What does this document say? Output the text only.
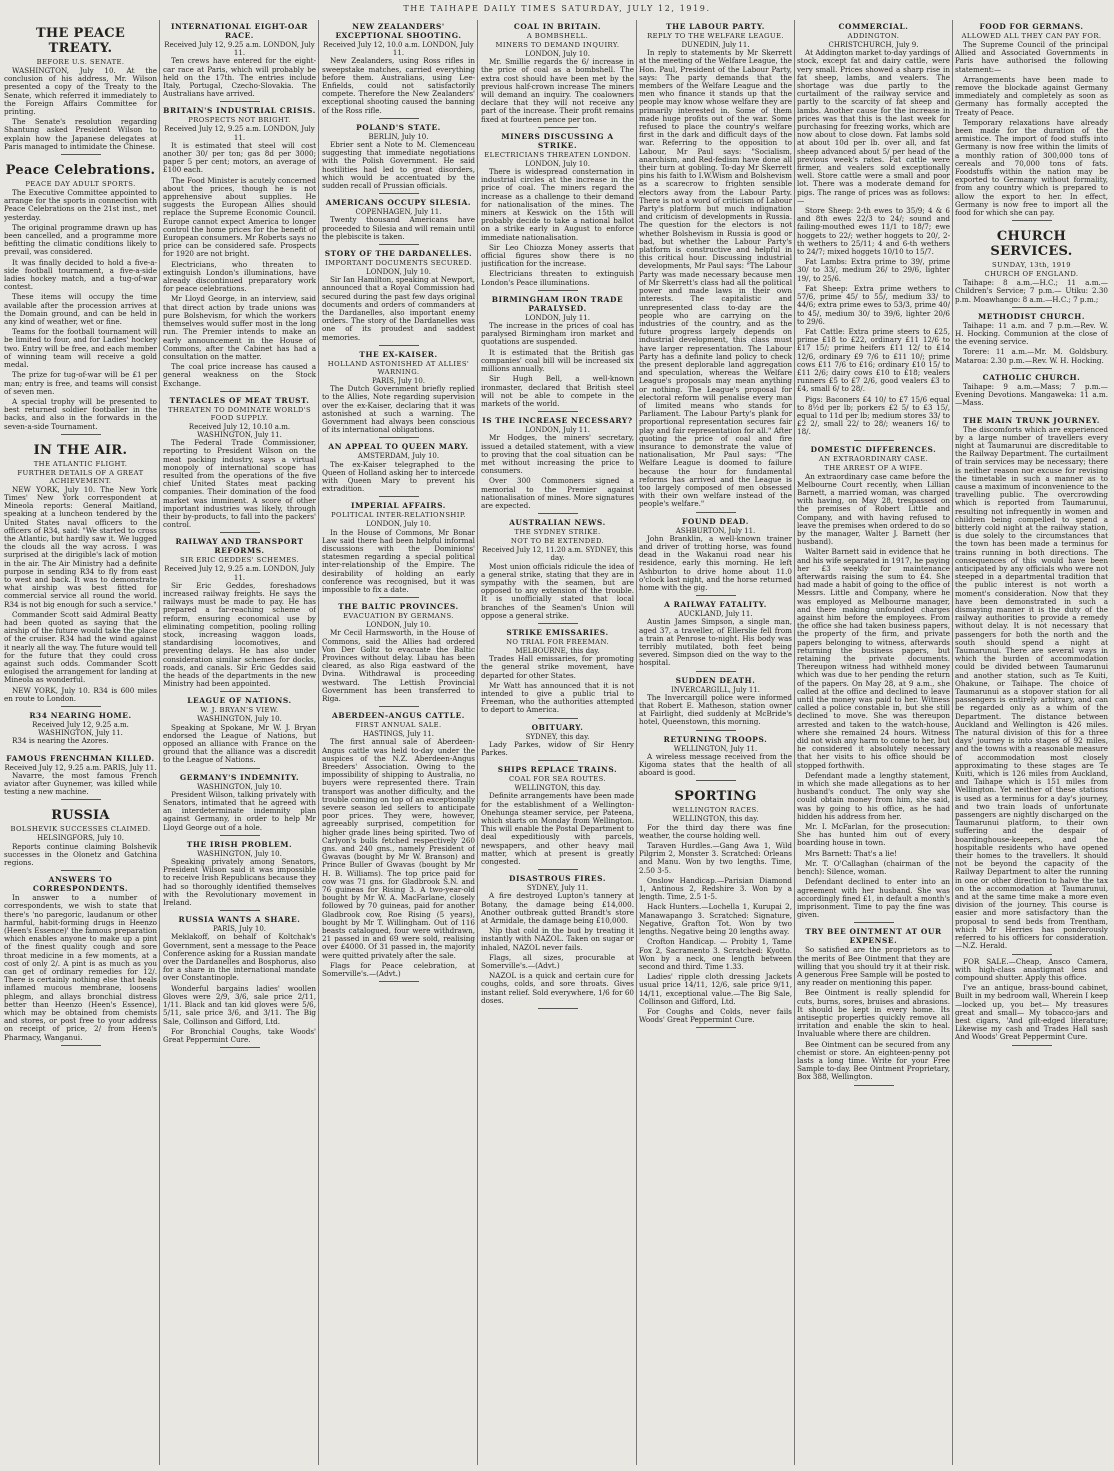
THE TAIHAPE DAILY TIMES SATURDAY, JULY 12, 1919.
THE PEACE TREATY.
BEFORE U.S. SENATE.

WASHINGTON, July 10. At the conclusion of his address, Mr. Wilson presented a copy of the Treaty to the Senate, which referred it immediately to the Foreign Affairs Committee for printing.

The Senate's resolution regarding Shantung asked President Wilson to explain how the Japanese delegates at Paris managed to intimidate the Chinese.

Peace Celebrations.
PEACE DAY ADULT SPORTS.

The Executive Committee appointed to arrange for the sports in connection with Peace Celebrations on the 21st inst., met yesterday.

The original programme drawn up has been cancelled, and a programme more befitting the climatic conditions likely to prevail, was considered.

It was finally decided to hold a five-a-side football tournament, a five-a-side ladies hockey match, and a tug-of-war contest.

These items will occupy the time available after the procession arrives at the Domain ground, and can be held in any kind of weather, wet or fine.

Teams for the football tournament will be limited to four, and for Ladies' hockey two. Entry will be free, and each member of winning team will receive a gold medal.

The prize for tug-of-war will be £1 per man; entry is free, and teams will consist of seven men.

A special trophy will be presented to best returned soldier footballer in the backs, and also in the forwards in the seven-a-side Tournament.

IN THE AIR.
THE ATLANTIC FLIGHT.
FURTHER DETAILS OF A GREAT ACHIEVEMENT.

NEW YORK, July 10. The New York Times' New York correspondent at Mineola reports: General Maitland, speaking at a luncheon tendered by the United States naval officers to the officers of R34, said: "We started to cross the Atlantic, but hardly saw it. We lugged the clouds all the way across. I was surprised at the dirigible's lack of motion in the air. The Air Ministry had a definite purpose in sending R34 to fly from east to west and back. It was to demonstrate what airship was best fitted for commercial service all round the world. R34 is not big enough for such a service."

Commander Scott said Admiral Beatty had been quoted as saying that the airship of the future would take the place of the cruiser. R34 had the wind against it nearly all the way. The future would tell for the future that they could cross against such odds. Commander Scott eulogised the arrangement for landing at Mineola as wonderful.

NEW YORK, July 10. R34 is 600 miles en route to London.

R34 NEARING HOME.
Received July 12, 9.25 a.m. WASHINGTON, July 11.

R34 is nearing the Azores.

FAMOUS FRENCHMAN KILLED.
Received July 12, 9.25 a.m. PARIS, July 11.

Navarre, the most famous French aviator after Guynemer, was killed while testing a new machine.

RUSSIA
BOLSHEVIK SUCCESSES CLAIMED.
HELSINGFORS, July 10.

Reports continue claiming Bolshevik successes in the Olonetz and Gatchina regions.

ANSWERS TO CORRESPONDENTS.

In answer to a number of correspondents, we wish to state that there's 'no paregoric, laudanum or other harmful, habit-forming drugs in Heenzo (Heen's Essence)' the famous preparation which enables anyone to make up a pint of the finest quality cough and sore throat medicine in a few moments, at a cost of only 2/. A pint is as much as you can get of ordinary remedies for 12/. There is certainly nothing else that heals inflamed mucous membrane, loosens phlegm, and allays bronchial distress better than Heenzo (Heen's Essence), which may be obtained from chemists and stores, or post free to your address on receipt of price, 2/ from Heen's Pharmacy, Wanganui.

INTERNATIONAL EIGHT-OAR RACE.
Received July 12, 9.25 a.m. LONDON, July 11.

Ten crews have entered for the eight-car race at Paris, which will probably be held on the 17th. The entries include Italy, Portugal, Czecho-Slovakia. The Australians have arrived.

BRITAIN'S INDUSTRIAL CRISIS.
PROSPECTS NOT BRIGHT.
Received July 12, 9.25 a.m. LONDON, July 11.

It is estimated that steel will cost another 30/ per ton; gas 8d per 3000; paper 5 per cent; motors, an average of £100 each.

The Food Minister is acutely concerned about the prices, though he is not apprehensive about supplies. He suggests the European Allies should replace the Supreme Economic Council. Europe cannot expect America to longer control the home prices for the benefit of European consumers. Mr Roberts says no price can be considered safe. Prospects for 1920 are not bright.

Electricians, who threaten to extinguish London's illuminations, have already discontinued preparatory work for peace celebrations.

Mr Lloyd George, in an interview, said that direct action by trade unions was pure Bolshevism, for which the workers themselves would suffer most in the long run. The Premier intends to make an early announcement in the House of Commons, after the Cabinet has had a consultation on the matter.

The coal price increase has caused a general weakness on the Stock Exchange.

TENTACLES OF MEAT TRUST.
THREATEN TO DOMINATE WORLD'S FOOD SUPPLY.
Received July 12, 10.10 a.m. WASHINGTON, July 11.

The Federal Trade Commissioner, reporting to President Wilson on the meat packing industry, says a virtual monopoly of international scope has resulted from the operations of the five chief United States meat packing companies. Their domination of the food market was imminent. A score of other important industries was likely, through their by-products, to fall into the packers' control.

RAILWAY AND TRANSPORT REFORMS.
SIR ERIC GEDDES' SCHEMES.
Received July 12, 9.25 a.m. LONDON, July 11.

Sir Eric Geddes, foreshadows increased railway freights. He says the railways must be made to pay. He has prepared a far-reaching scheme of reform, ensuring economical use by eliminating competition, pooling rolling stock, increasing waggon loads, standardising locomotives, and preventing delays. He has also under consideration similar schemes for docks, roads, and canals. Sir Eric Geddes said the heads of the departments in the new Ministry had been appointed.

LEAGUE OF NATIONS.
W. J. BRYAN'S VIEW.
WASHINGTON, July 10.

Speaking at Spokane, Mr W. J. Bryan endorsed the League of Nations, but opposed an alliance with France on the ground that the alliance was a discredit to the League of Nations.

GERMANY'S INDEMNITY.
WASHINGTON, July 10.

President Wilson, talking privately with Senators, intimated that he agreed with an interdeterminate indemnity plan against Germany, in order to help Mr Lloyd George out of a hole.

THE IRISH PROBLEM.
WASHINGTON, July 10.

Speaking privately among Senators, President Wilson said it was impossible to receive Irish Republicans because they had so thoroughly identified themselves with the Revolutionary movement in Ireland.

RUSSIA WANTS A SHARE.
PARIS, July 10.

Meklakoff, on behalf of Koltchak's Government, sent a message to the Peace Conference asking for a Russian mandate over the Dardanelles and Bosphorus, also for a share in the international mandate over Constantinople.

Wonderful bargains ladies' woollen Gloves were 2/9, 3/6, sale price 2/11, 1/11. Black and tan kid gloves were 5/6, 5/11, sale price 3/6, and 3/11. The Big Sale, Collinson and Gifford, Ltd.

For Bronchial Coughs, take Woods' Great Peppermint Cure.

NEW ZEALANDERS' EXCEPTIONAL SHOOTING.
Received July 12, 10.0 a.m. LONDON, July 11.

New Zealanders, using Ross rifles in sweepstake matches, carried everything before them. Australians, using Lee-Enfields, could not satisfactorily compete. Therefore the New Zealanders' exceptional shooting caused the banning of the Ross rifle.

POLAND'S STATE.
BERLIN, July 10.

Ebrier sent a Note to M. Clemenceau suggesting that immediate negotiations with the Polish Government. He said hostilities had led to great disorders, which would be accentuated by the sudden recall of Prussian officials.

AMERICANS OCCUPY SILESIA.
COPENHAGEN, July 11.

Twenty thousand Americans have proceeded to Silesia and will remain until the plebiscite is taken.

STORY OF THE DARDANELLES.
IMPORTANT DOCUMENTS SECURED.
LONDON, July 10.

Sir Ian Hamilton, speaking at Newport, announced that a Royal Commission had secured during the past few days original documents and orders of commanders at the Dardanelles, also important enemy orders. The story of the Dardanelles was one of its proudest and saddest memories.

THE EX-KAISER.
HOLLAND ASTONISHED AT ALLIES' WARNING.
PARIS, July 10.

The Dutch Government briefly replied to the Allies, Note regarding supervision over the ex-Kaiser, declaring that it was astonished at such a warning. The Government had always been conscious of its international obligations.

AN APPEAL TO QUEEN MARY.
AMSTERDAM, July 10.

The ex-Kaiser telegraphed to the Queen of Holland asking her to intercede with Queen Mary to prevent his extradition.

IMPERIAL AFFAIRS.
POLITICAL INTER-RELATIONSHIP.
LONDON, July 10.

In the House of Commons, Mr Bonar Law said there had been helpful informal discussions with the Dominions' statesmen regarding a special political inter-relationship of the Empire. The desirability of holding an early conference was recognised, but it was impossible to fix a date.

THE BALTIC PROVINCES.
EVACUATION BY GERMANS.
LONDON, July 10.

Mr Cecil Harmsworth, in the House of Commons, said the Allies had ordered Von Der Goltz to evacuate the Baltic Provinces without delay. Libau has been cleared, as also Riga eastward of the Dvina. Withdrawal is proceeding westward. The Lettish Provincial Government has been transferred to Riga.

ABERDEEN-ANGUS CATTLE.
FIRST ANNUAL SALE.
HASTINGS, July 11.

The first annual sale of Aberdeen-Angus cattle was held to-day under the auspices of the N.Z. Aberdeen-Angus Breeders' Association. Owing to the impossibility of shipping to Australia, no buyers were represented there. Train transport was another difficulty, and the trouble coming on top of an exceptionally severe season led sellers to anticipate poor prices. They were, however, agreeably surprised, competition for higher grade lines being spirited. Two of Carlyon's bulls fetched respectively 260 gns. and 240 gns., namely President of Gwavas (bought by Mr W. Branson) and Prince Buller of Gwavas (bought by Mr H. B. Williams). The top price paid for cow was 71 gns. for Gladbrook S.N. and 76 guineas for Rising 3. A two-year-old bought by Mr W. A. MacFarlane, closely followed by 70 guineas, paid for another Gladbrook cow, Roe Rising (5 years), bought by Mr T. Willingham. Out of 116 beasts catalogued, four were withdrawn, 21 passed in and 69 were sold, realising over £4000. Of 31 passed in, the majority were quitted privately after the sale.

Flags for Peace celebration, at Somerville's.—(Advt.)

COAL IN BRITAIN.
A BOMBSHELL.
MINERS TO DEMAND INQUIRY.
LONDON, July 10.

Mr. Smillie regards the 6/ increase in the price of coal as a bombshell. The extra cost should have been met by the previous half-crown increase The miners will demand an inquiry. The coalowners declare that they will not receive any part of the increase. Their profit remains fixed at fourteen pence per ton.

MINERS DISCUSSING A STRIKE.
ELECTRICIANS THREATEN LONDON.
LONDON, July 10.

There is widespread consternation in industrial circles at the increase in the price of coal. The miners regard the increase as a challenge to their demand for nationalisation of the mines. The miners at Keswick on the 15th will probably decide to take a national ballot on a strike early in August to enforce immediate nationalisation.

Sir Leo Chiozza Money asserts that official figures show there is no justification for the increase.

Electricians threaten to extinguish London's Peace illuminations.

BIRMINGHAM IRON TRADE PARALYSED.
LONDON, July 11.

The increase in the prices of coal has paralysed Birmingham iron market and quotations are suspended.

It is estimated that the British gas companies' coal bill will be increased six millions annually.

Sir Hugh Bell, a well-known ironmaster, declared that British steel will not be able to compete in the markets of the world.

IS THE INCREASE NECESSARY?
LONDON, July 11.

Mr Hodges, the miners' secretary, issued a detailed statement, with a view to proving that the coal situation can be met without increasing the price to consumers.

Over 300 Commoners signed a memorial to the Premier against nationalisation of mines. More signatures are expected.

AUSTRALIAN NEWS.
THE SYDNEY STRIKE.
NOT TO BE EXTENDED.
Received July 12, 11.20 a.m. SYDNEY, this day.

Most union officials ridicule the idea of a general strike, stating that they are in sympathy with the seamen, but are opposed to any extension of the trouble. It is unofficially stated that local branches of the Seamen's Union will oppose a general strike.

STRIKE EMISSARIES.
NO TRIAL FOR FREEMAN.
MELBOURNE, this day.

Trades Hall emissaries, for promoting the general strike movement, have departed for other States.

Mr Watt has announced that it is not intended to give a public trial to Freeman, who the authorities attempted to deport to America.

OBITUARY.
SYDNEY, this day.

Lady Parkes, widow of Sir Henry Parkes.

SHIPS REPLACE TRAINS.
COAL FOR SEA ROUTES.
WELLINGTON, this day.

Definite arrangements have been made for the establishment of a Wellington-Onehunga steamer service, per Pateena, which starts on Monday from Wellington. This will enable the Postal Department to deal expeditiously with parcels, newspapers, and other heavy mail matter, which at present is greatly congested.

DISASTROUS FIRES.
SYDNEY, July 11.

A fire destroyed Lupton's tannery at Botany, the damage being £14,000. Another outbreak gutted Brandt's store at Armidale, the damage being £10,000.

Nip that cold in the bud by treating it instantly with NAZOL. Taken on sugar or inhaled, NAZOL never fails.

Flags, all sizes, procurable at Somerville's.—(Advt.)

NAZOL is a quick and certain cure for coughs, colds, and sore throats. Gives instant relief. Sold everywhere, 1/6 for 60 doses.

THE LABOUR PARTY.
REPLY TO THE WELFARE LEAGUE.
DUNEDIN, July 11.

In reply to statements by Mr Skerrett at the meeting of the Welfare League, the Hon. Paul, President of the Labour Party, says: The party demands that the members of the Welfare League and the men who finance it stands up that the people may know whose welfare they are primarily interested in. Some of them made huge profits out of the war. Some refused to place the country's welfare first in the dark and difficult days of the war. Referring to the opposition to Labour, Mr Paul says: "Socialism, anarchism, and Red-fedism have done all their turn at gobling. To-day Mr Skerrett pins his faith to I.W.Wism and Bolshevism as a scarecrow to frighten sensible electors away from the Labour Party. There is not a word of criticism of Labour Party's platform but much indignation and criticism of developments in Russia. The question for the electors is not whether Bolshevism in Russia is good or bad, but whether the Labour Party's platform is constructive and helpful in this critical hour. Discussing industrial developments, Mr Paul says: "The Labour Party was made necessary because men of Mr Skerrett's class had all the political power and made laws in their own interests. The capitalistic and unrepresented class to-day are the people who are carrying on the industries of the country, and as the future progress largely depends on industrial development, this class must have larger representation. The Labour Party has a definite land policy to check the present deplorable land aggregation and speculation, whereas the Welfare League's proposals may mean anything or nothing. The League's proposal for electoral reform will penalise every man of limited means who stands for Parliament. The Labour Party's plank for proportional representation secures fair play and fair representation for all." After quoting the price of coal and fire insurance to demonstrate the value of nationalisation, Mr Paul says: "The Welfare League is doomed to failure because the hour for fundamental reforms has arrived and the League is too largely composed of men obsessed with their own welfare instead of the people's welfare."

FOUND DEAD.
ASHBURTON, July 11.

John Branklin, a well-known trainer and driver of trotting horse, was found dead in the Wakanui road near his residence, early this morning. He left Ashburton to drive home about 11.0 o'clock last night, and the horse returned home with the gig.

A RAILWAY FATALITY.
AUCKLAND, July 11.

Austin James Simpson, a single man, aged 37, a traveller, of Ellerslie fell from a train at Penrose to-night. His body was terribly mutilated, both feet being severed. Simpson died on the way to the hospital.

SUDDEN DEATH.
INVERCARGILL, July 11.

The Invercargill police were informed that Robert E. Matheson, station owner at Fairlight, died suddenly at McBride's hotel, Queenstown, this morning.

RETURNING TROOPS.
WELLINGTON, July 11.

A wireless message received from the Kigoma states that the health of all aboard is good.

SPORTING
WELLINGTON RACES.
WELLINGTON, this day.

For the third day there was fine weather, the course holding well.

Taraven Hurdles.—Gang Awa 1, Wild Pilgrim 2, Monster 3. Scratched: Orleans and Manu. Won by two lengths. Time, 2.50 3-5.

Onslow Handicap.—Parisian Diamond 1, Antinous 2, Redshire 3. Won by a length. Time, 2.5 1-5.

Hack Hunters.—Lochella 1, Kurupai 2, Manawapango 3. Scratched: Signature, Negative, Grafton Tot. Won by two lengths. Negative being 20 lengths away.

Crofton Handicap. — Probity 1, Tame Fox 2, Sacramento 3. Scratched: Kyotto. Won by a neck, one length between second and third. Time 1.33.

Ladies' ripple cloth dressing Jackets usual price 14/11, 12/6, sale price 9/11, 14/11, exceptional value.—The Big Sale, Collinson and Gifford, Ltd.

For Coughs and Colds, never fails Woods' Great Peppermint Cure.

COMMERCIAL.
ADDINGTON.
CHRISTCHURCH, July 9.

At Addington market to-day yardings of stock, except fat and dairy cattle, were very small. Prices showed a sharp rise in fat sheep, lambs, and vealers. The shortage was due partly to the curtailment of the railway service and partly to the scarcity of fat sheep and lambs. Another cause for the increase in prices was that this is the last week for purchasing for freezing works, which are now about to close down. Fat lambs sold at about 10d per lb. over all, and fat sheep advanced about 5/ per head of the previous week's rates. Fat cattle were firmer, and vealers sold exceptionally well. Store cattle were a small and poor lot. There was a moderate demand for pigs. The range of prices was as follows:—

Store Sheep: 2-th ewes to 35/9; 4 & 6 and 8th ewes 22/3 to 24/; sound and failing-mouthed ewes 11/1 to 18/7; ewe hoggets to 22/; wether hoggets to 20/, 2-th wethers to 25/11; 4 and 6-th wethers to 24/7; mixed hoggets 10/10 to 15/7.

Fat Lambs: Extra prime to 39/, prime 30/ to 33/, medium 26/ to 29/6, lighter 19/, to 25/6.

Fat Sheep: Extra prime wethers to 57/6, prime 45/ to 55/, medium 33/ to 44/6; extra prime ewes to 53/3, prime 40/ to 45/, medium 30/ to 39/6, lighter 20/6 to 29/6.

Fat Cattle: Extra prime steers to £25, prime £18 to £22, ordinary £11 12/6 to £17 15/; prime heifers £11 12/ to £14 12/6, ordinary £9 7/6 to £11 10/; prime cows £11 7/6 to £16; ordinary £10 15/ to £11 2/6; dairy cows £10 to £18; vealers runners £5 to £7 2/6, good vealers £3 to £4, small 6/ to 28/.

Pigs: Baconers £4 10/ to £7 15/6 equal to 8½d per lb; porkers £2 5/ to £3 15/, equal to 11d per lb; medium stores 33/ to £2 2/, small 22/ to 28/; weaners 16/ to 18/.

DOMESTIC DIFFERENCES.
AN EXTRAORDINARY CASE.
THE ARREST OF A WIFE.

An extraordinary case came before the Melbourne Court recently, when Lillian Barnett, a married woman, was charged with having, on May 28, trespassed on the premises of Robert Little and Company, and with having refused to leave the premises when ordered to do so by the manager, Walter J. Barnett (her husband).

Walter Barnett said in evidence that he and his wife separated in 1917, he paying her £3 weekly for maintenance afterwards raising the sum to £4. She had made a habit of going to the office of Messrs. Little and Company, where he was employed as Melbourne manager, and there making unfounded charges against him before the employees. From the office she had taken business papers, the property of the firm, and private papers belonging to witness, afterwards returning the business papers, but retaining the private documents. Thereupon witness had withheld money which was due to her pending the return of the papers. On May 28, at 9 a.m., she called at the office and declined to leave until the money was paid to her. Witness called a police constable in, but she still declined to move. She was thereupon arrested and taken to the watch-house, where she remained 24 hours. Witness did not wish any harm to come to her, but he considered it absolutely necessary that her visits to his office should be stopped forthwith.

Defendant made a lengthy statement, in which she made allegations as to her husband's conduct. The only way she could obtain money from him, she said, was by going to his office, as he had hidden his address from her.

Mr. I. McFarlan, for the prosecution: She has hunted him out of every boarding house in town.

Mrs Barnett: That's a lie!

Mr. T. O'Callaghan (chairman of the bench): Silence, woman.

Defendant declined to enter into an agreement with her husband. She was accordingly fined £1, in default a month's imprisonment. Time to pay the fine was given.

TRY BEE OINTMENT AT OUR EXPENSE.

So satisfied are the proprietors as to the merits of Bee Ointment that they are willing that you should try it at their risk. A generous Free Sample will be posted to any reader on mentioning this paper.

Bee Ointment is really splendid for cuts, burns, sores, bruises and abrasions. It should be kept in every home. Its antiseptic properties quickly remove all irritation and enable the skin to heal. Invaluable where there are children.

Bee Ointment can be secured from any chemist or store. An eighteen-penny pot lasts a long time. Write for your Free Sample to-day. Bee Ointment Proprietary, Box 388, Wellington.

FOOD FOR GERMANS.
ALLOWED ALL THEY CAN PAY FOR.

The Supreme Council of the principal Allied and Associated Governments in Paris have authorised the following statement:—

Arrangements have been made to remove the blockade against Germany immediately and completely as soon as Germany has formally accepted the Treaty of Peace.

Temporary relaxations have already been made for the duration of the armistice. The import of food stuffs into Germany is now free within the limits of a monthly ration of 300,000 tons of cereals and 70,000 tons of fats. Foodstuffs within the nation may be exported to Germany without formality, from any country which is prepared to allow the export to her. In effect, Germany is now free to import all the food for which she can pay.

CHURCH SERVICES.
SUNDAY, 13th, 1919
CHURCH OF ENGLAND.

Taihape: 8 a.m.—H.C.; 11 a.m.—Children's Service; 7 p.m.— Utiku: 2.30 p.m. Moawhango: 8 a.m.—H.C.; 7 p.m.;

METHODIST CHURCH.

Taihape: 11 a.m. and 7 p.m.—Rev. W. H. Hocking. Communion at the close of the evening service.

Torere: 11 a.m.—Mr. M. Goldsbury. Mataroa: 2.30 p.m.—Rev. W. H. Hocking.

CATHOLIC CHURCH.

Taihape: 9 a.m.—Mass; 7 p.m.—Evening Devotions. Mangaweka: 11 a.m.—Mass.

THE MAIN TRUNK JOURNEY.

The discomforts which are experienced by a large number of travellers every night at Taumarunui are discreditable to the Railway Department. The curtailment of train services may be necessary; there is neither reason nor excuse for revising the timetable in such a manner as to cause a maximum of inconvenience to the travelling public. The overcrowding which is reported from Taumarunui, resulting not infrequently in women and children being compelled to spend a bitterly cold night at the railway station, is due solely to the circumstances that the town has been made a terminus for trains running in both directions. The consequences of this would have been anticipated by any officials who were not steeped in a departmental tradition that the public interest is not worth a moment's consideration. Now that they have been demonstrated in such a dismaying manner it is the duty of the railway authorities to provide a remedy without delay. It is not necessary that passengers for both the north and the south should spend a night at Taumarunui. There are several ways in which the burden of accommodation could be divided between Taumarunui and another station, such as Te Kuiti, Ohakune, or Taihape. The choice of Taumarunui as a stopover station for all passengers is entirely arbitrary, and can be regarded only as a whim of the Department. The distance between Auckland and Wellington is 426 miles. The natural division of this for a three days' journey is into stages of 92 miles, and the towns with a reasonable measure of accommodation most closely approximating to these stages are Te Kuiti, which is 126 miles from Auckland, and Taihape which is 151 miles from Wellington. Yet neither of these stations is used as a terminus for a day's journey, and two train loads of unfortunate passengers are nightly discharged on the Taumarunui platform, to their own suffering and the despair of boardinghouse-keepers, and the hospitable residents who have opened their homes to the travellers. It should not be beyond the capacity of the Railway Department to alter the running in one or other direction to halve the tax on the accommodation at Taumarunui, and at the same time make a more even division of the journey. This course is easier and more satisfactory than the proposal to send beds from Trentham, which Mr Herries has ponderously referred to his officers for consideration.—N.Z. Herald.

FOR SALE.—Cheap, Ansco Camera, with high-class anastigmat lens and compound shutter. Apply this office.

I've an antique, brass-bound cabinet, Built in my bedroom wall, Wherein I keep—locked up, you bet— My treasures great and small— My tobacco-jars and best cigars, 'And gilt-edged literature; Likewise my cash and Trades Hall sash And Woods' Great Peppermint Cure.
